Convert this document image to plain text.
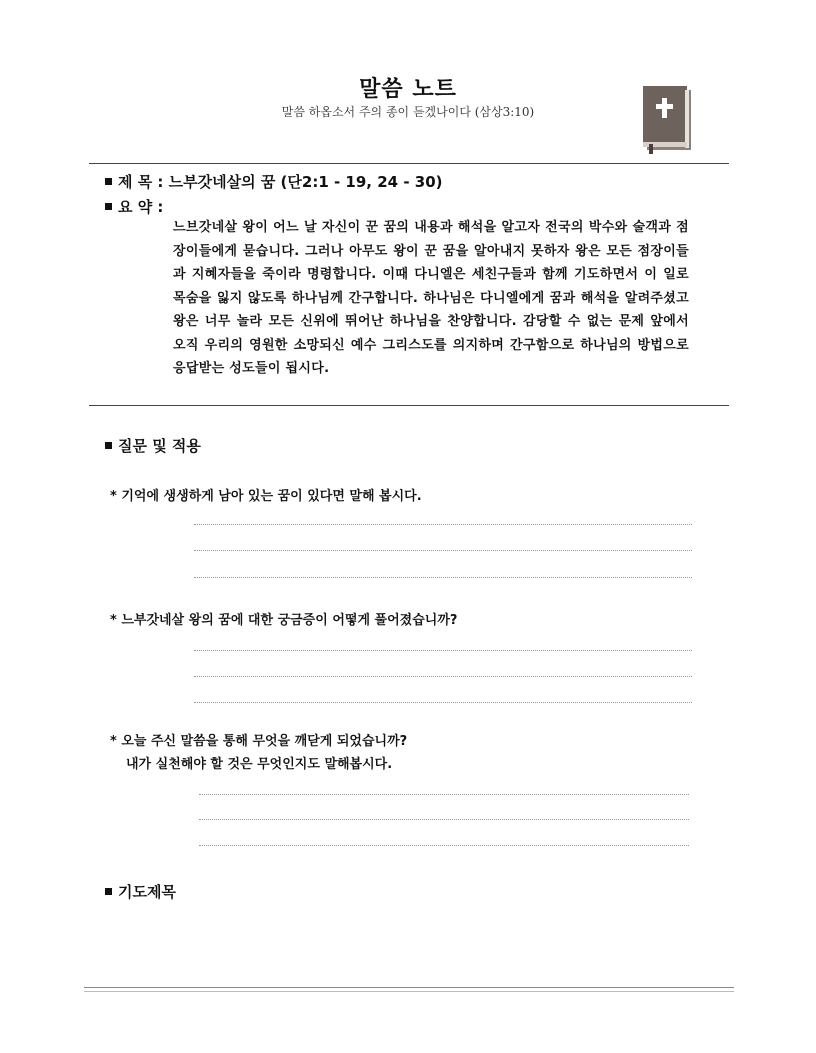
말씀 노트
말씀 하옵소서 주의 종이 듣겠나이다 (삼상3:10)
제 목 : 느부갓네살의 꿈 (단2:1 - 19, 24 - 30)
요 약 :
느브갓네살 왕이 어느 날 자신이 꾼 꿈의 내용과 해석을 알고자 전국의 박수와 술객과 점장이들에게 묻습니다. 그러나 아무도 왕이 꾼 꿈을 알아내지 못하자 왕은 모든 점장이들과 지혜자들을 죽이라 명령합니다. 이때 다니엘은 세친구들과 함께 기도하면서 이 일로 목숨을 잃지 않도록 하나님께 간구합니다. 하나님은 다니엘에게 꿈과 해석을 알려주셨고 왕은 너무 놀라 모든 신위에 뛰어난 하나님을 찬양합니다. 감당할 수 없는 문제 앞에서 오직 우리의 영원한 소망되신 예수 그리스도를 의지하며 간구함으로 하나님의 방법으로 응답받는 성도들이 됩시다.
질문 및 적용
* 기억에 생생하게 남아 있는 꿈이 있다면 말해 봅시다.
* 느부갓네살 왕의 꿈에 대한 궁금증이 어떻게 풀어졌습니까?
* 오늘 주신 말씀을 통해 무엇을 깨닫게 되었습니까?
내가 실천해야 할 것은 무엇인지도 말해봅시다.
기도제목
